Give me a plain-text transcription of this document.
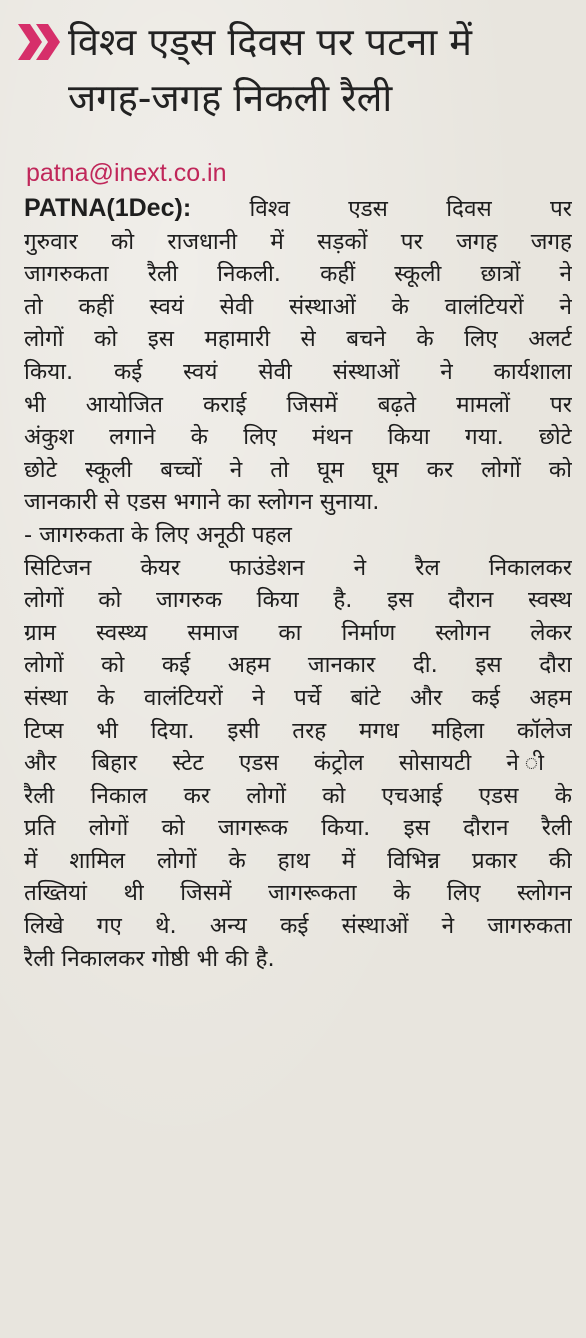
विश्व एड्स दिवस पर पटना में
जगह-जगह निकली रैली
patna@inext.co.in
PATNA(1Dec):	विश्व एडस दिवस पर
गुरुवार को राजधानी में सड़कों पर जगह जगह
जागरुकता रैली निकली. कहीं स्कूली छात्रों ने
तो कहीं स्वयं सेवी संस्थाओं के वालंटियरों ने
लोगों को इस महामारी से बचने के लिए अलर्ट
किया. कई स्वयं सेवी संस्थाओं ने कार्यशाला
भी आयोजित कराई जिसमें बढ़ते मामलों पर
अंकुश लगाने के लिए मंथन किया गया. छोटे
छोटे स्कूली बच्चों ने तो घूम घूम कर लोगों को
जानकारी से एडस भगाने का स्लोगन सुनाया.
- जागरुकता के लिए अनूठी पहल
सिटिजन केयर फाउंडेशन ने रैल निकालकर
लोगों को जागरुक किया है. इस दौरान स्वस्थ
ग्राम स्वस्थ्य समाज का निर्माण स्लोगन लेकर
लोगों को कई अहम जानकार दी. इस दौरा
संस्था के वालंटियरों ने पर्चे बांटे और कई अहम
टिप्स भी दिया. इसी तरह मगध महिला कॉलेज
और बिहार स्टेट एडस कंट्रोल सोसायटी ने ी
रैली निकाल कर लोगों को एचआई एडस के
प्रति लोगों को जागरूक किया. इस दौरान रैली
में शामिल लोगों के हाथ में विभिन्न प्रकार की
तख्तियां थी जिसमें जागरूकता के लिए स्लोगन
लिखे गए थे. अन्य कई संस्थाओं ने जागरुकता
रैली निकालकर गोष्ठी भी की है.
